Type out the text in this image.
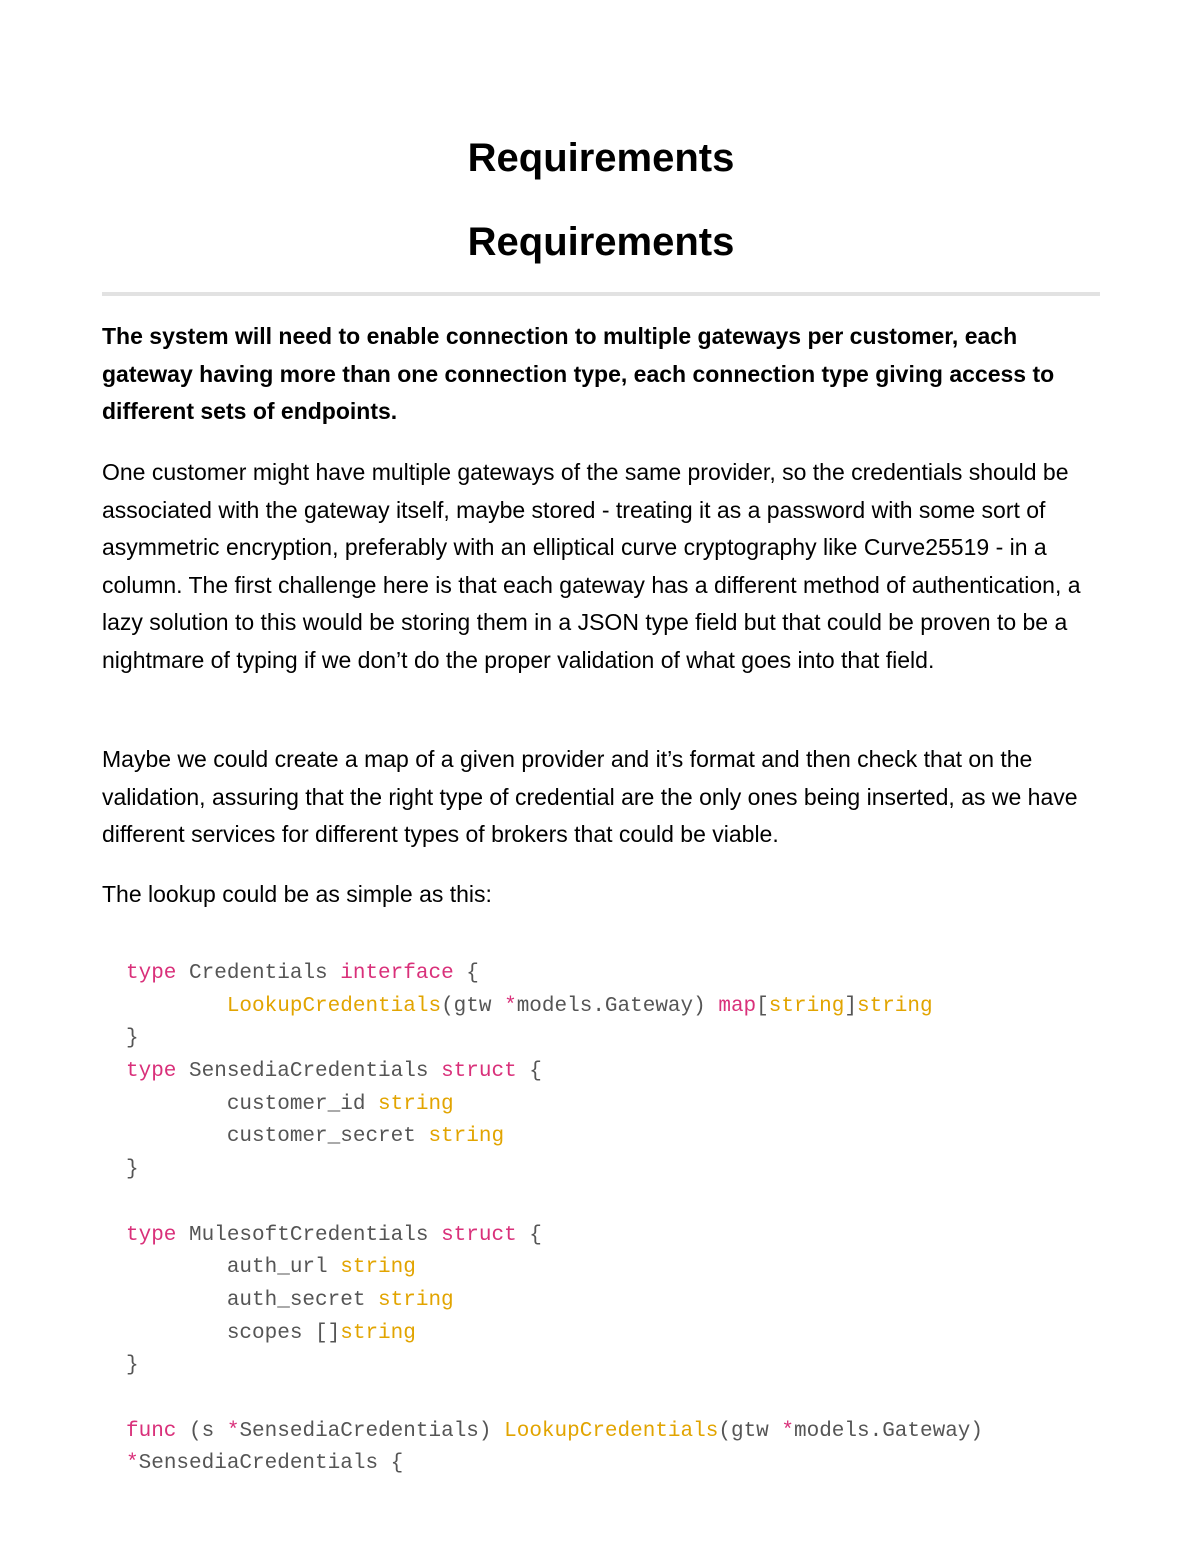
Requirements
Requirements

The system will need to enable connection to multiple gateways per customer, each gateway having more than one connection type, each connection type giving access to different sets of endpoints.

One customer might have multiple gateways of the same provider, so the credentials should be associated with the gateway itself, maybe stored - treating it as a password with some sort of asymmetric encryption, preferably with an elliptical curve cryptography like Curve25519 - in a column. The first challenge here is that each gateway has a different method of authentication, a lazy solution to this would be storing them in a JSON type field but that could be proven to be a nightmare of typing if we don’t do the proper validation of what goes into that field.

Maybe we could create a map of a given provider and it’s format and then check that on the validation, assuring that the right type of credential are the only ones being inserted, as we have different services for different types of brokers that could be viable.

The lookup could be as simple as this:

type Credentials interface {
LookupCredentials(gtw *models.Gateway) map[string]string
}
type SensediaCredentials struct {
customer_id string
customer_secret string
}

type MulesoftCredentials struct {
auth_url string
auth_secret string
scopes []string
}

func (s *SensediaCredentials) LookupCredentials(gtw *models.Gateway)
*SensediaCredentials {
